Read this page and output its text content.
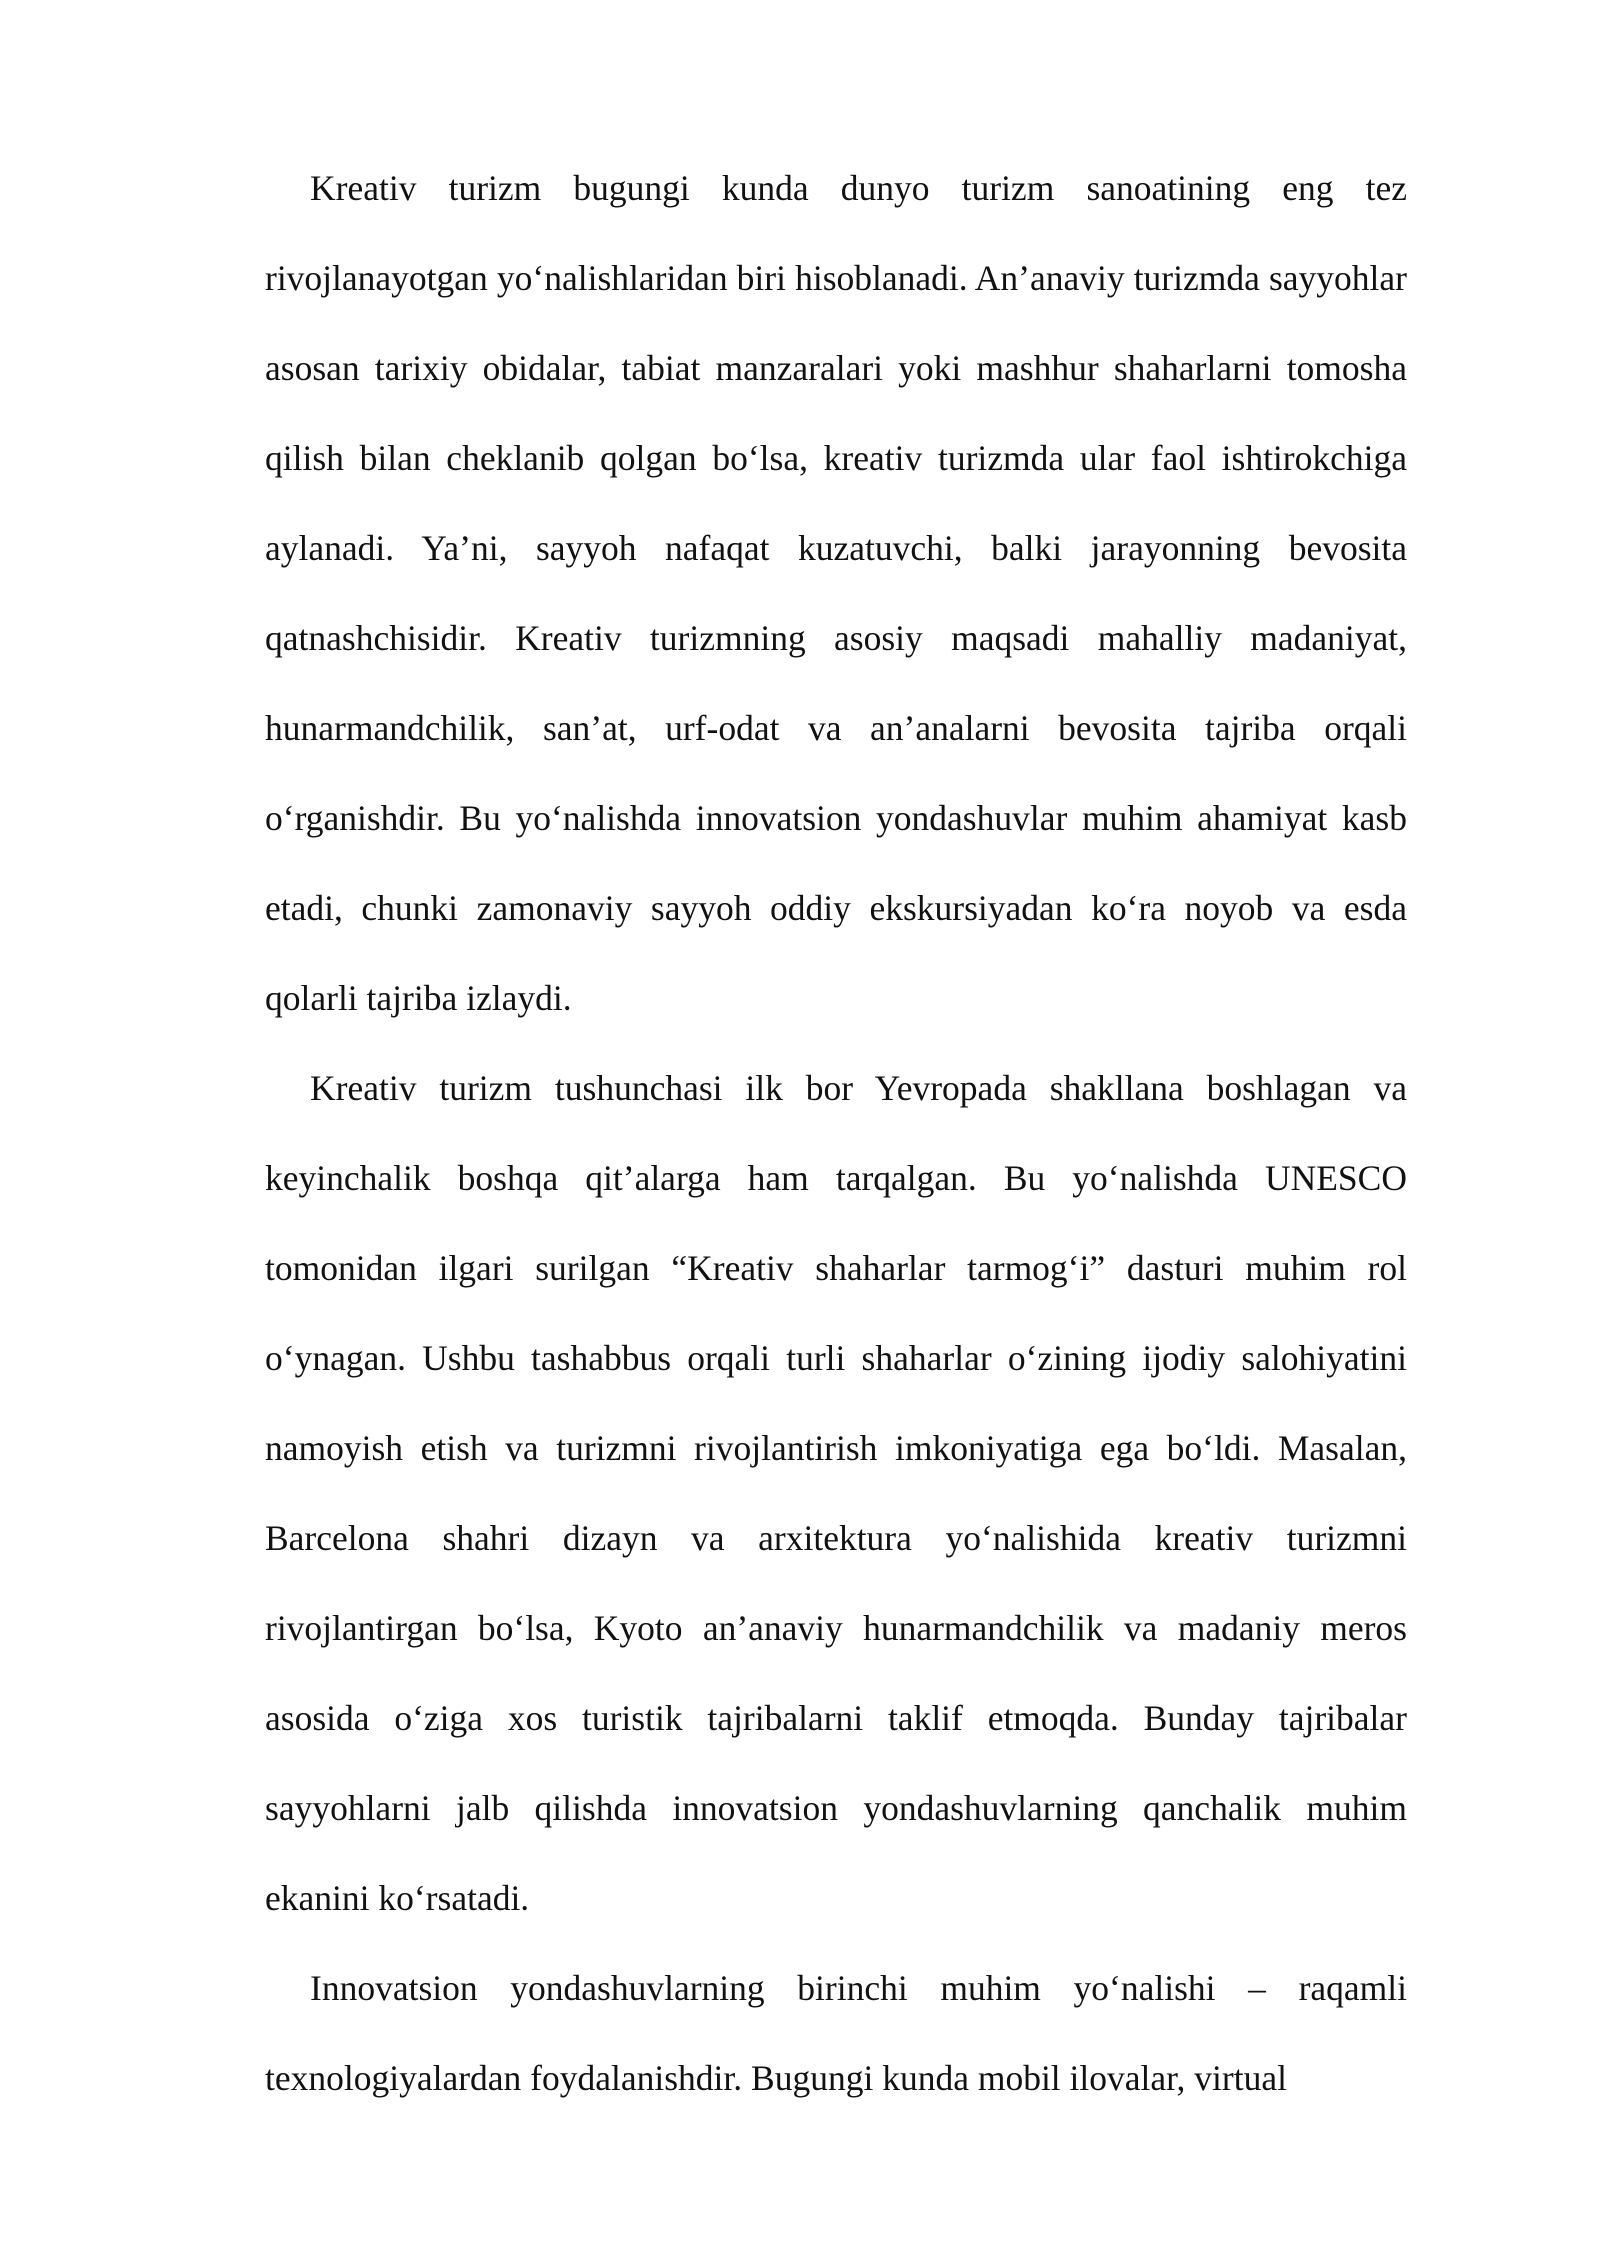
Kreativ turizm bugungi kunda dunyo turizm sanoatining eng tez rivojlanayotgan yo‘nalishlaridan biri hisoblanadi. An’anaviy turizmda sayyohlar asosan tarixiy obidalar, tabiat manzaralari yoki mashhur shaharlarni tomosha qilish bilan cheklanib qolgan bo‘lsa, kreativ turizmda ular faol ishtirokchiga aylanadi. Ya’ni, sayyoh nafaqat kuzatuvchi, balki jarayonning bevosita qatnashchisidir. Kreativ turizmning asosiy maqsadi mahalliy madaniyat, hunarmandchilik, san’at, urf-odat va an’analarni bevosita tajriba orqali o‘rganishdir. Bu yo‘nalishda innovatsion yondashuvlar muhim ahamiyat kasb etadi, chunki zamonaviy sayyoh oddiy ekskursiyadan ko‘ra noyob va esda qolarli tajriba izlaydi.

Kreativ turizm tushunchasi ilk bor Yevropada shakllana boshlagan va keyinchalik boshqa qit’alarga ham tarqalgan. Bu yo‘nalishda UNESCO tomonidan ilgari surilgan “Kreativ shaharlar tarmog‘i” dasturi muhim rol o‘ynagan. Ushbu tashabbus orqali turli shaharlar o‘zining ijodiy salohiyatini namoyish etish va turizmni rivojlantirish imkoniyatiga ega bo‘ldi. Masalan, Barcelona shahri dizayn va arxitektura yo‘nalishida kreativ turizmni rivojlantirgan bo‘lsa, Kyoto an’anaviy hunarmandchilik va madaniy meros asosida o‘ziga xos turistik tajribalarni taklif etmoqda. Bunday tajribalar sayyohlarni jalb qilishda innovatsion yondashuvlarning qanchalik muhim ekanini ko‘rsatadi.

Innovatsion yondashuvlarning birinchi muhim yo‘nalishi – raqamli texnologiyalardan foydalanishdir. Bugungi kunda mobil ilovalar, virtual
